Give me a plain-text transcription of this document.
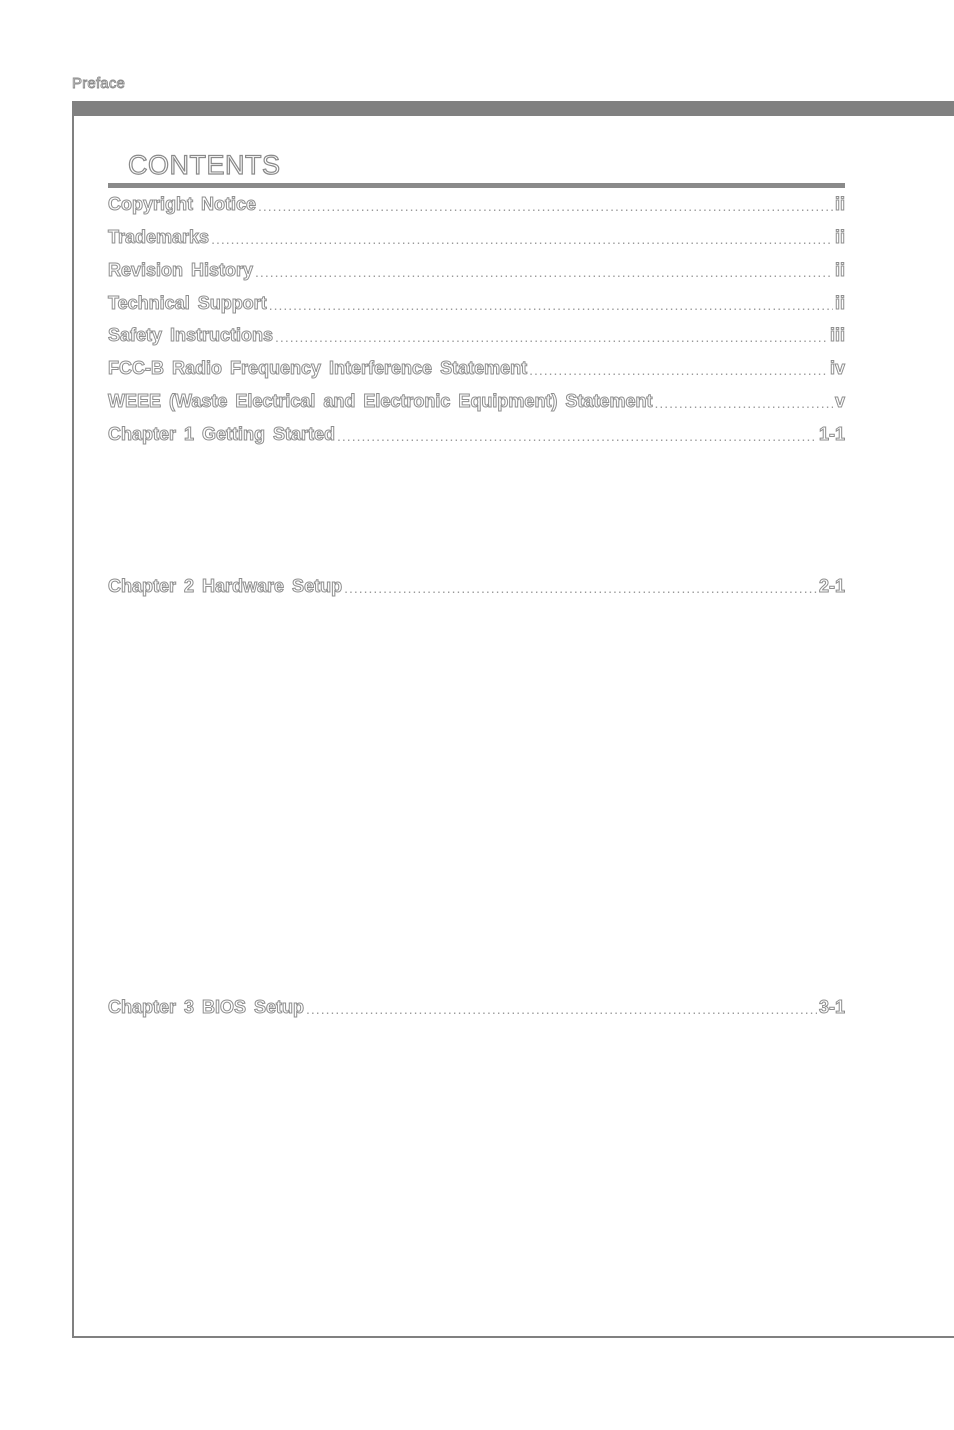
Preface
CONTENTS
Copyright Notice .....	ii
Trademarks .....	ii
Revision History .....	ii
Technical Support .....	ii
Safety Instructions .....	iii
FCC-B Radio Frequency Interference Statement .....	iv
WEEE (Waste Electrical and Electronic Equipment) Statement .....	v
Chapter 1 Getting Started .....	1-1
Chapter 2 Hardware Setup .....	2-1
Chapter 3 BIOS Setup .....	3-1
